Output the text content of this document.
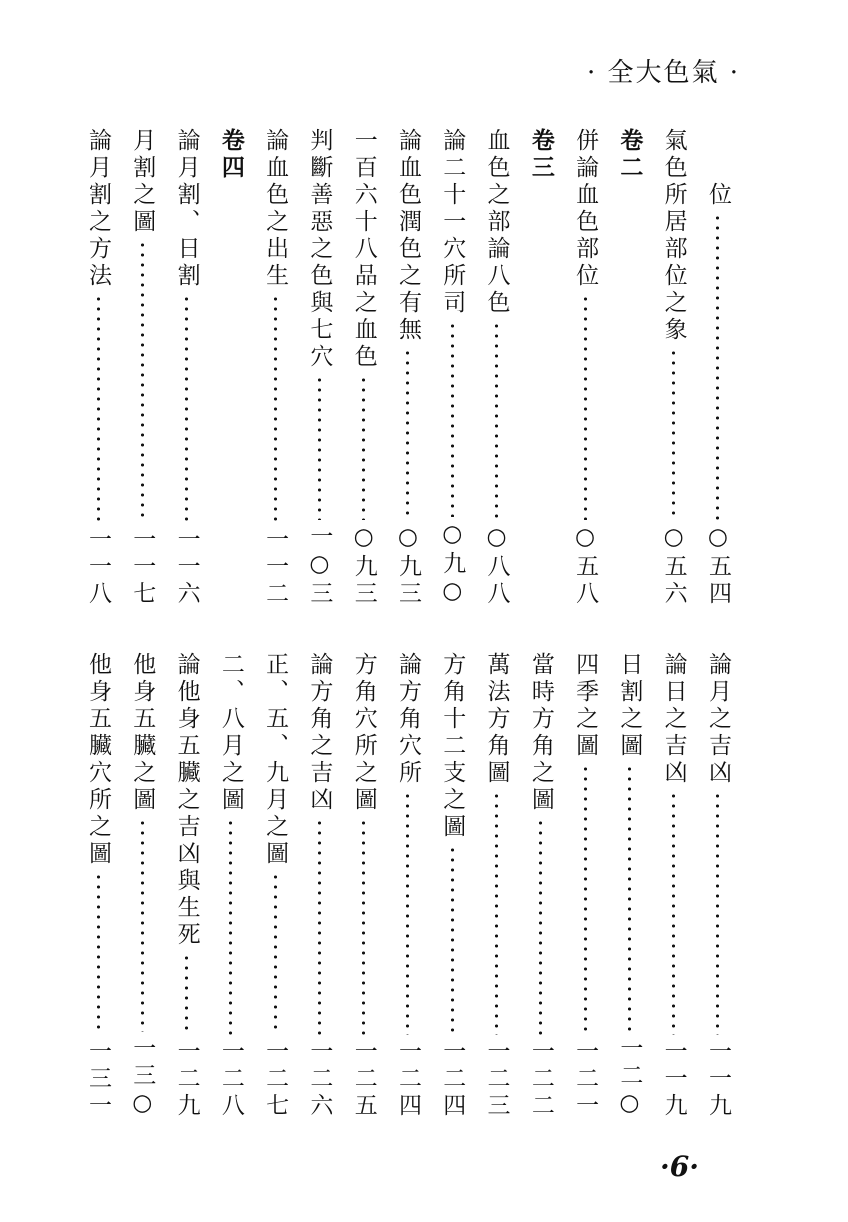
· 全大色氣 ·
位
○五四
氣色所居部位之象
○五六
卷二
併論血色部位
○五八
卷三
血色之部論八色
○八八
論二十一穴所司
○九○
論血色潤色之有無
○九三
一百六十八品之血色
○九三
判斷善惡之色與七穴
一○三
論血色之出生
一一二
卷四
論月割、日割
一一六
月割之圖
一一七
論月割之方法
一一八
論月之吉凶
一一九
論日之吉凶
一一九
日割之圖
一二○
四季之圖
一二一
當時方角之圖
一二二
萬法方角圖
一二三
方角十二支之圖
一二四
論方角穴所
一二四
方角穴所之圖
一二五
論方角之吉凶
一二六
正、五、九月之圖
一二七
二、八月之圖
一二八
論他身五臟之吉凶與生死
一二九
他身五臟之圖
一三○
他身五臟穴所之圖
一三一
·6·
